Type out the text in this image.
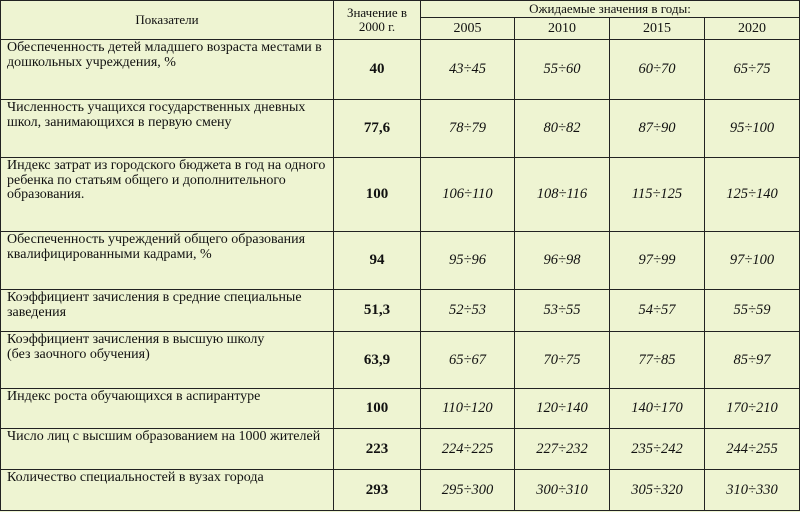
Показатели	Значение в 2000 г.	Ожидаемые значения в годы:			
		2005	2010	2015	2020
Обеспеченность детей младшего возраста местами в дошкольных учреждения, %	40	43÷45	55÷60	60÷70	65÷75
Численность учащихся государственных дневных школ, занимающихся в первую смену	77,6	78÷79	80÷82	87÷90	95÷100
Индекс затрат из городского бюджета в год на одного ребенка по статьям общего и дополнительного образования.	100	106÷110	108÷116	115÷125	125÷140
Обеспеченность учреждений общего образования квалифицированными кадрами, %	94	95÷96	96÷98	97÷99	97÷100
Коэффициент зачисления в средние специальные заведения	51,3	52÷53	53÷55	54÷57	55÷59
Коэффициент зачисления в высшую школу
(без заочного обучения)	63,9	65÷67	70÷75	77÷85	85÷97
Индекс роста обучающихся в аспирантуре	100	110÷120	120÷140	140÷170	170÷210
Число лиц с высшим образованием на 1000 жителей	223	224÷225	227÷232	235÷242	244÷255
Количество специальностей в вузах города	293	295÷300	300÷310	305÷320	310÷330
